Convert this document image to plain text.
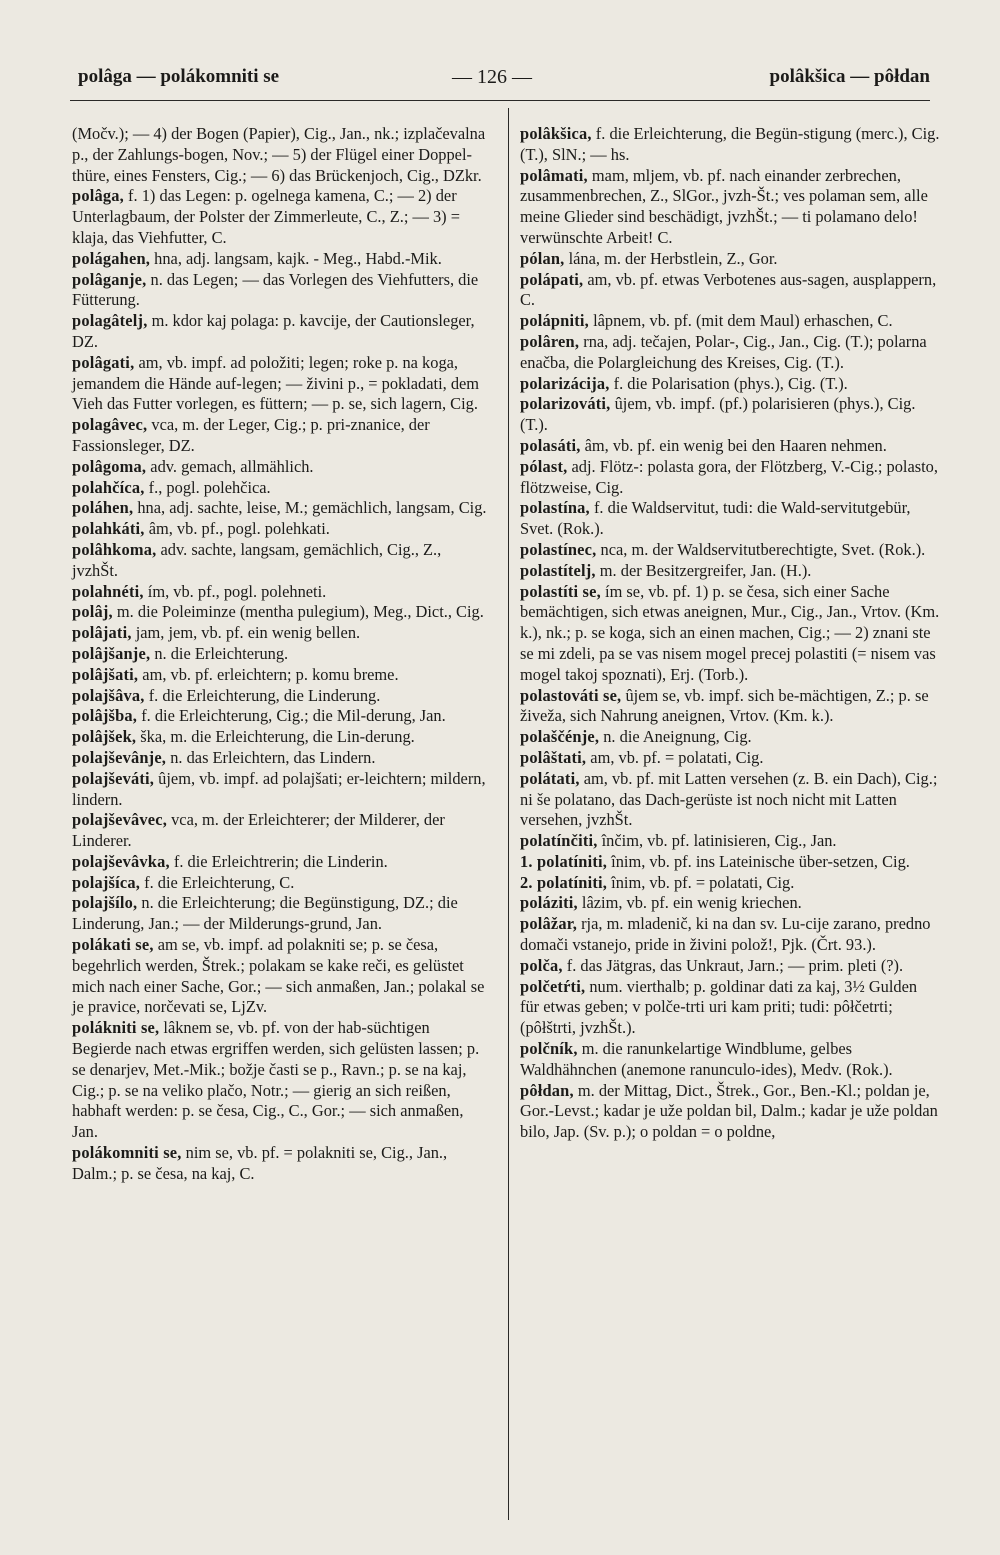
polâga — polákomniti se	— 126 —	polâkšica — pôłdan

(Močv.); — 4) der Bogen (Papier), Cig., Jan., nk.; izplačevalna p., der Zahlungs-bogen, Nov.; — 5) der Flügel einer Doppel-thüre, eines Fensters, Cig.; — 6) das Brückenjoch, Cig., DZkr.

polâga, f. 1) das Legen: p. ogelnega kamena, C.; — 2) der Unterlagbaum, der Polster der Zimmerleute, C., Z.; — 3) = klaja, das Viehfutter, C.

polágahen, hna, adj. langsam, kajk. - Meg., Habd.-Mik.

polâganje, n. das Legen; — das Vorlegen des Viehfutters, die Fütterung.

polagâtelj, m. kdor kaj polaga: p. kavcije, der Cautionsleger, DZ.

polâgati, am, vb. impf. ad položiti; legen; roke p. na koga, jemandem die Hände auf-legen; — živini p., = pokladati, dem Vieh das Futter vorlegen, es füttern; — p. se, sich lagern, Cig.

polagâvec, vca, m. der Leger, Cig.; p. pri-znanice, der Fassionsleger, DZ.

polâgoma, adv. gemach, allmählich.

polahčíca, f., pogl. polehčica.

poláhen, hna, adj. sachte, leise, M.; gemächlich, langsam, Cig.

polahkáti, âm, vb. pf., pogl. polehkati.

polâhkoma, adv. sachte, langsam, gemächlich, Cig., Z., jvzhŠt.

polahnéti, ím, vb. pf., pogl. polehneti.

polâj, m. die Poleiminze (mentha pulegium), Meg., Dict., Cig.

polâjati, jam, jem, vb. pf. ein wenig bellen.

polâjšanje, n. die Erleichterung.

polâjšati, am, vb. pf. erleichtern; p. komu breme.

polajšâva, f. die Erleichterung, die Linderung.

polâjšba, f. die Erleichterung, Cig.; die Mil-derung, Jan.

polâjšek, ška, m. die Erleichterung, die Lin-derung.

polajševânje, n. das Erleichtern, das Lindern.

polajševáti, ûjem, vb. impf. ad polajšati; er-leichtern; mildern, lindern.

polajševâvec, vca, m. der Erleichterer; der Milderer, der Linderer.

polajševâvka, f. die Erleichtrerin; die Linderin.

polajšíca, f. die Erleichterung, C.

polajšílo, n. die Erleichterung; die Begünstigung, DZ.; die Linderung, Jan.; — der Milderungs-grund, Jan.

polákati se, am se, vb. impf. ad polakniti se; p. se česa, begehrlich werden, Štrek.; polakam se kake reči, es gelüstet mich nach einer Sache, Gor.; — sich anmaßen, Jan.; polakal se je pravice, norčevati se, LjZv.

polákniti se, lâknem se, vb. pf. von der hab-süchtigen Begierde nach etwas ergriffen werden, sich gelüsten lassen; p. se denarjev, Met.-Mik.; božje časti se p., Ravn.; p. se na kaj, Cig.; p. se na veliko plačo, Notr.; — gierig an sich reißen, habhaft werden: p. se česa, Cig., C., Gor.; — sich anmaßen, Jan.

polákomniti se, nim se, vb. pf. = polakniti se, Cig., Jan., Dalm.; p. se česa, na kaj, C.

polâkšica, f. die Erleichterung, die Begün-stigung (merc.), Cig. (T.), SlN.; — hs.

polâmati, mam, mljem, vb. pf. nach einander zerbrechen, zusammenbrechen, Z., SlGor., jvzh-Št.; ves polaman sem, alle meine Glieder sind beschädigt, jvzhŠt.; — ti polamano delo! verwünschte Arbeit! C.

pólan, lána, m. der Herbstlein, Z., Gor.

polápati, am, vb. pf. etwas Verbotenes aus-sagen, ausplappern, C.

polápniti, lâpnem, vb. pf. (mit dem Maul) erhaschen, C.

polâren, rna, adj. tečajen, Polar-, Cig., Jan., Cig. (T.); polarna enačba, die Polargleichung des Kreises, Cig. (T.).

polarizácija, f. die Polarisation (phys.), Cig. (T.).

polarizováti, ûjem, vb. impf. (pf.) polarisieren (phys.), Cig. (T.).

polasáti, âm, vb. pf. ein wenig bei den Haaren nehmen.

pólast, adj. Flötz-: polasta gora, der Flötzberg, V.-Cig.; polasto, flötzweise, Cig.

polastína, f. die Waldservitut, tudi: die Wald-servitutgebür, Svet. (Rok.).

polastínec, nca, m. der Waldservitutberechtigte, Svet. (Rok.).

polastítelj, m. der Besitzergreifer, Jan. (H.).

polastíti se, ím se, vb. pf. 1) p. se česa, sich einer Sache bemächtigen, sich etwas aneignen, Mur., Cig., Jan., Vrtov. (Km. k.), nk.; p. se koga, sich an einen machen, Cig.; — 2) znani ste se mi zdeli, pa se vas nisem mogel precej polastiti (= nisem vas mogel takoj spoznati), Erj. (Torb.).

polastováti se, ûjem se, vb. impf. sich be-mächtigen, Z.; p. se živeža, sich Nahrung aneignen, Vrtov. (Km. k.).

polaščénje, n. die Aneignung, Cig.

polâštati, am, vb. pf. = polatati, Cig.

polátati, am, vb. pf. mit Latten versehen (z. B. ein Dach), Cig.; ni še polatano, das Dach-gerüste ist noch nicht mit Latten versehen, jvzhŠt.

polatínčiti, înčim, vb. pf. latinisieren, Cig., Jan.

1. polatíniti, înim, vb. pf. ins Lateinische über-setzen, Cig.

2. polatíniti, înim, vb. pf. = polatati, Cig.

poláziti, lâzim, vb. pf. ein wenig kriechen.

polâžar, rja, m. mladenič, ki na dan sv. Lu-cije zarano, predno domači vstanejo, pride in živini polož!, Pjk. (Črt. 93.).

polča, f. das Jätgras, das Unkraut, Jarn.; — prim. pleti (?).

polčetŕti, num. vierthalb; p. goldinar dati za kaj, 3½ Gulden für etwas geben; v polče-trti uri kam priti; tudi: pôłčetrti; (pôłštrti, jvzhŠt.).

polčník, m. die ranunkelartige Windblume, gelbes Waldhähnchen (anemone ranunculo-ides), Medv. (Rok.).

pôłdan, m. der Mittag, Dict., Štrek., Gor., Ben.-Kl.; poldan je, Gor.-Levst.; kadar je uže poldan bil, Dalm.; kadar je uže poldan bilo, Jap. (Sv. p.); o poldan = o poldne,
